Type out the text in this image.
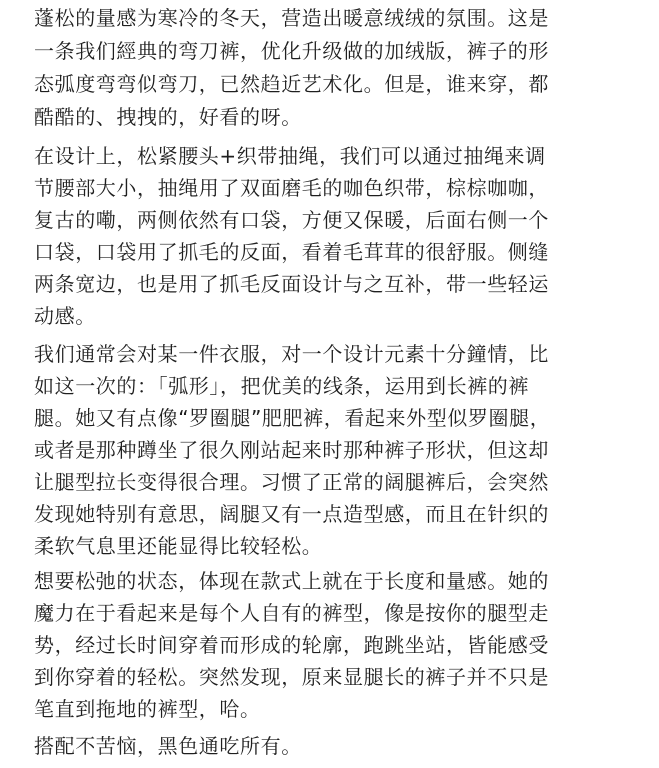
蓬松的量感为寒冷的冬天，营造出暖意绒绒的氛围。这是
一条我们經典的弯刀裤，优化升级做的加绒版，裤子的形
态弧度弯弯似弯刀，已然趋近艺术化。但是，谁来穿，都
酷酷的、拽拽的，好看的呀。
在设计上，松紧腰头+织带抽绳，我们可以通过抽绳来调
节腰部大小，抽绳用了双面磨毛的咖色织带，棕棕咖咖，
复古的嘞，两侧依然有口袋，方便又保暖，后面右侧一个
口袋，口袋用了抓毛的反面，看着毛茸茸的很舒服。侧缝
两条宽边，也是用了抓毛反面设计与之互补，带一些轻运
动感。
我们通常会对某一件衣服，对一个设计元素十分鐘情，比
如这一次的：「弧形」，把优美的线条，运用到长裤的裤
腿。她又有点像“罗圈腿”肥肥裤，看起来外型似罗圈腿，
或者是那种蹲坐了很久刚站起来时那种裤子形状，但这却
让腿型拉长变得很合理。习惯了正常的阔腿裤后，会突然
发现她特别有意思，阔腿又有一点造型感，而且在针织的
柔软气息里还能显得比较轻松。
想要松弛的状态，体现在款式上就在于长度和量感。她的
魔力在于看起来是每个人自有的裤型，像是按你的腿型走
势，经过长时间穿着而形成的轮廓，跑跳坐站，皆能感受
到你穿着的轻松。突然发现，原来显腿长的裤子并不只是
笔直到拖地的裤型，哈。
搭配不苦恼，黑色通吃所有。
